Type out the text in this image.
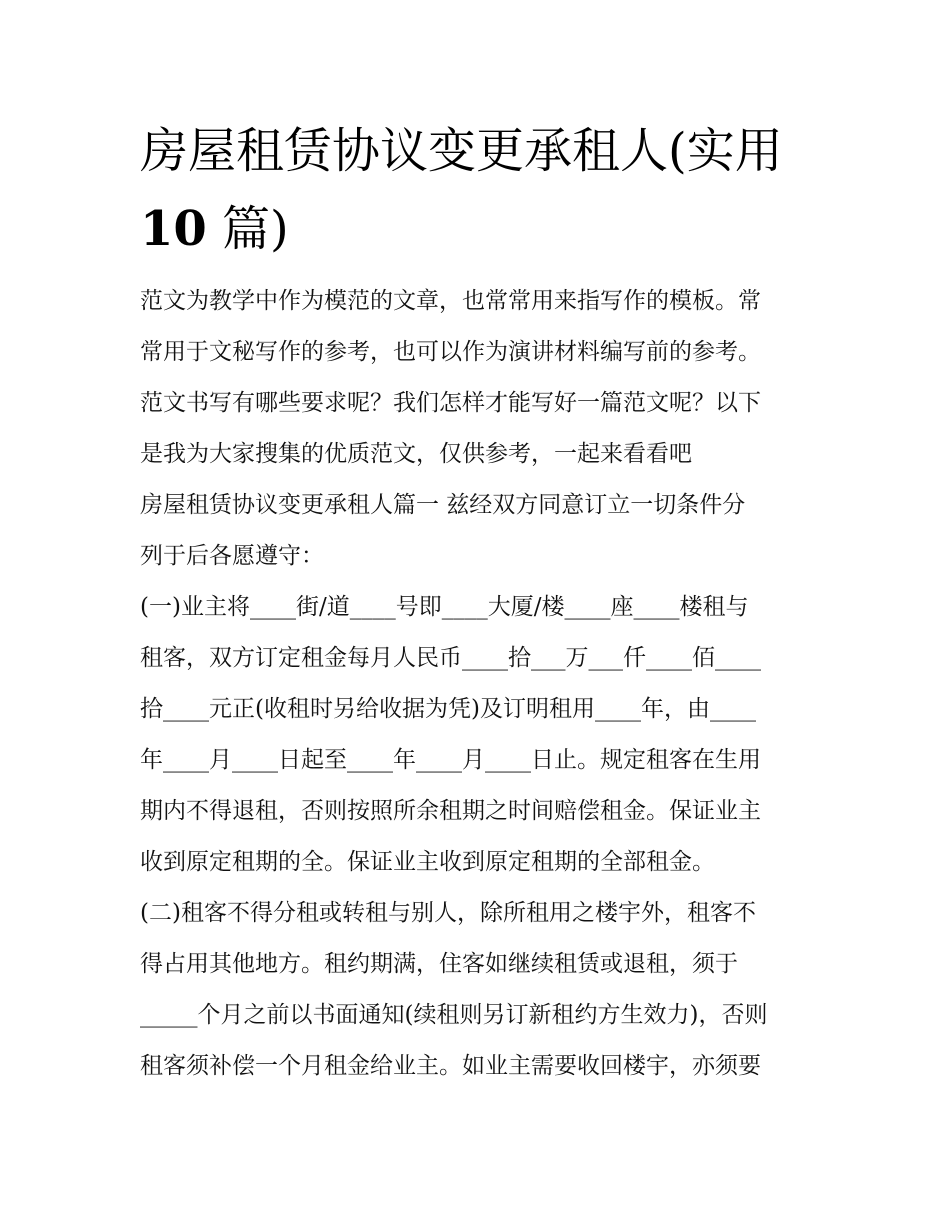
房屋租赁协议变更承租人(实用
10 篇)
范文为教学中作为模范的文章，也常常用来指写作的模板。常
常用于文秘写作的参考，也可以作为演讲材料编写前的参考。
范文书写有哪些要求呢？我们怎样才能写好一篇范文呢？以下
是我为大家搜集的优质范文，仅供参考，一起来看看吧
房屋租赁协议变更承租人篇一 兹经双方同意订立一切条件分
列于后各愿遵守：
(一)业主将____街/道____号即____大厦/楼____座____楼租与
租客，双方订定租金每月人民币____拾___万___仟____佰____
拾____元正(收租时另给收据为凭)及订明租用____年，由____
年____月____日起至____年____月____日止。规定租客在生用
期内不得退租，否则按照所余租期之时间赔偿租金。保证业主
收到原定租期的全。保证业主收到原定租期的全部租金。
(二)租客不得分租或转租与别人，除所租用之楼宇外，租客不
得占用其他地方。租约期满，住客如继续租赁或退租，须于
_____个月之前以书面通知(续租则另订新租约方生效力)，否则
租客须补偿一个月租金给业主。如业主需要收回楼宇，亦须要
